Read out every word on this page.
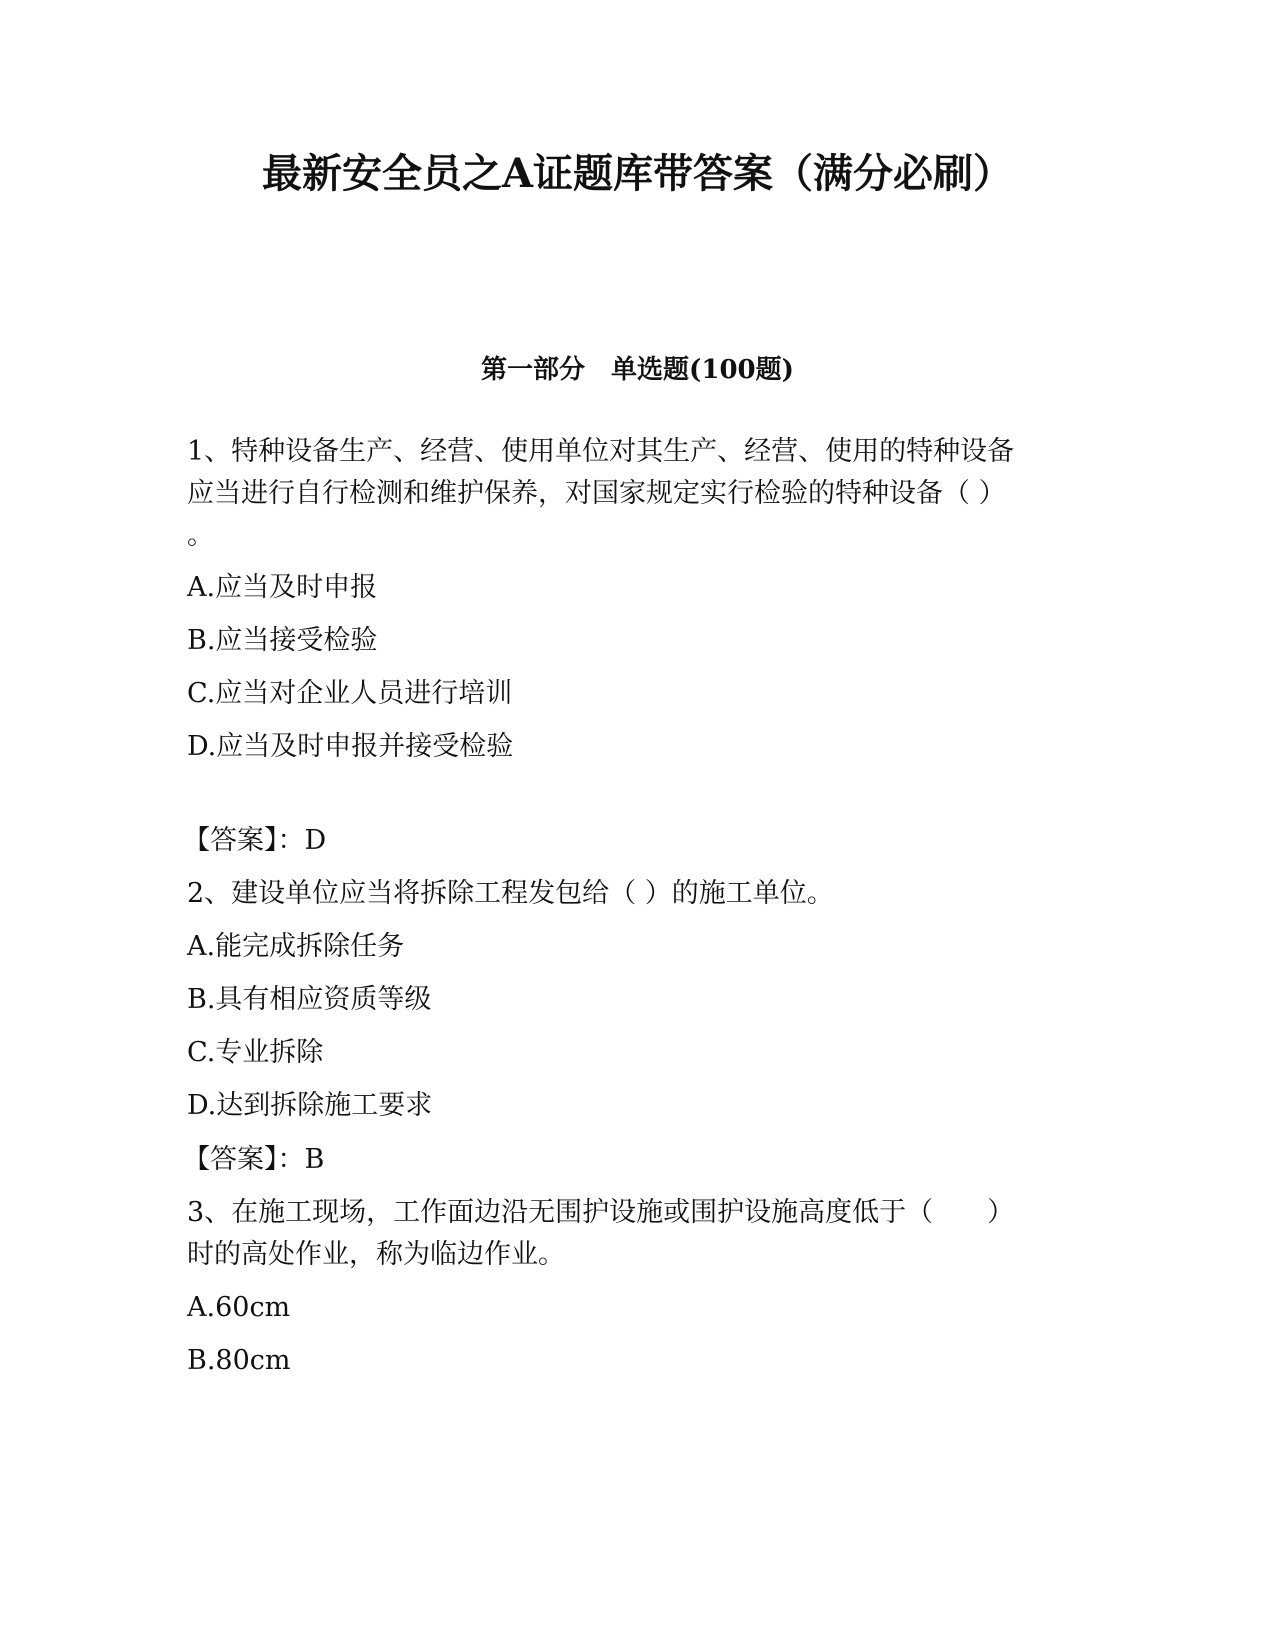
最新安全员之A证题库带答案（满分必刷）
第一部分　单选题(100题)

1、特种设备生产、经营、使用单位对其生产、经营、使用的特种设备

应当进行自行检测和维护保养，对国家规定实行检验的特种设备（ ）

。

A.应当及时申报

B.应当接受检验

C.应当对企业人员进行培训

D.应当及时申报并接受检验

【答案】：D

2、建设单位应当将拆除工程发包给（ ）的施工单位。

A.能完成拆除任务

B.具有相应资质等级

C.专业拆除

D.达到拆除施工要求

【答案】：B

3、在施工现场，工作面边沿无围护设施或围护设施高度低于（　　）

时的高处作业，称为临边作业。

A.60cm

B.80cm
